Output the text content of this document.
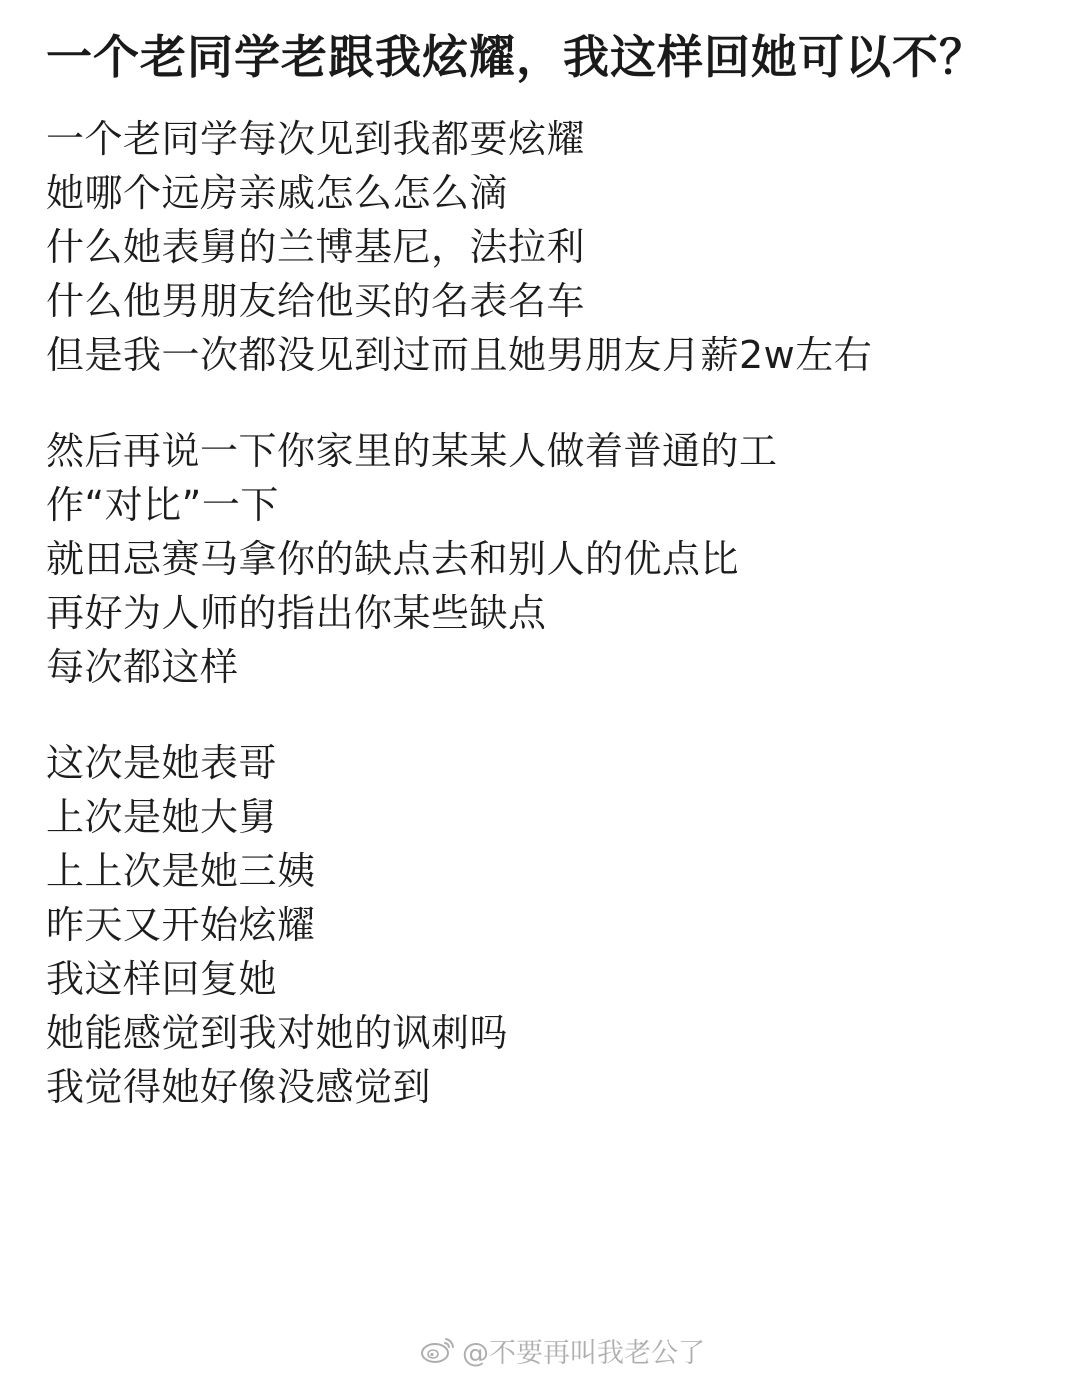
一个老同学老跟我炫耀，我这样回她可以不？
一个老同学每次见到我都要炫耀
她哪个远房亲戚怎么怎么滴
什么她表舅的兰博基尼，法拉利
什么他男朋友给他买的名表名车
但是我一次都没见到过而且她男朋友月薪2w左右
然后再说一下你家里的某某人做着普通的工
作“对比”一下
就田忌赛马拿你的缺点去和别人的优点比
再好为人师的指出你某些缺点
每次都这样
这次是她表哥
上次是她大舅
上上次是她三姨
昨天又开始炫耀
我这样回复她
她能感觉到我对她的讽刺吗
我觉得她好像没感觉到
@不要再叫我老公了
